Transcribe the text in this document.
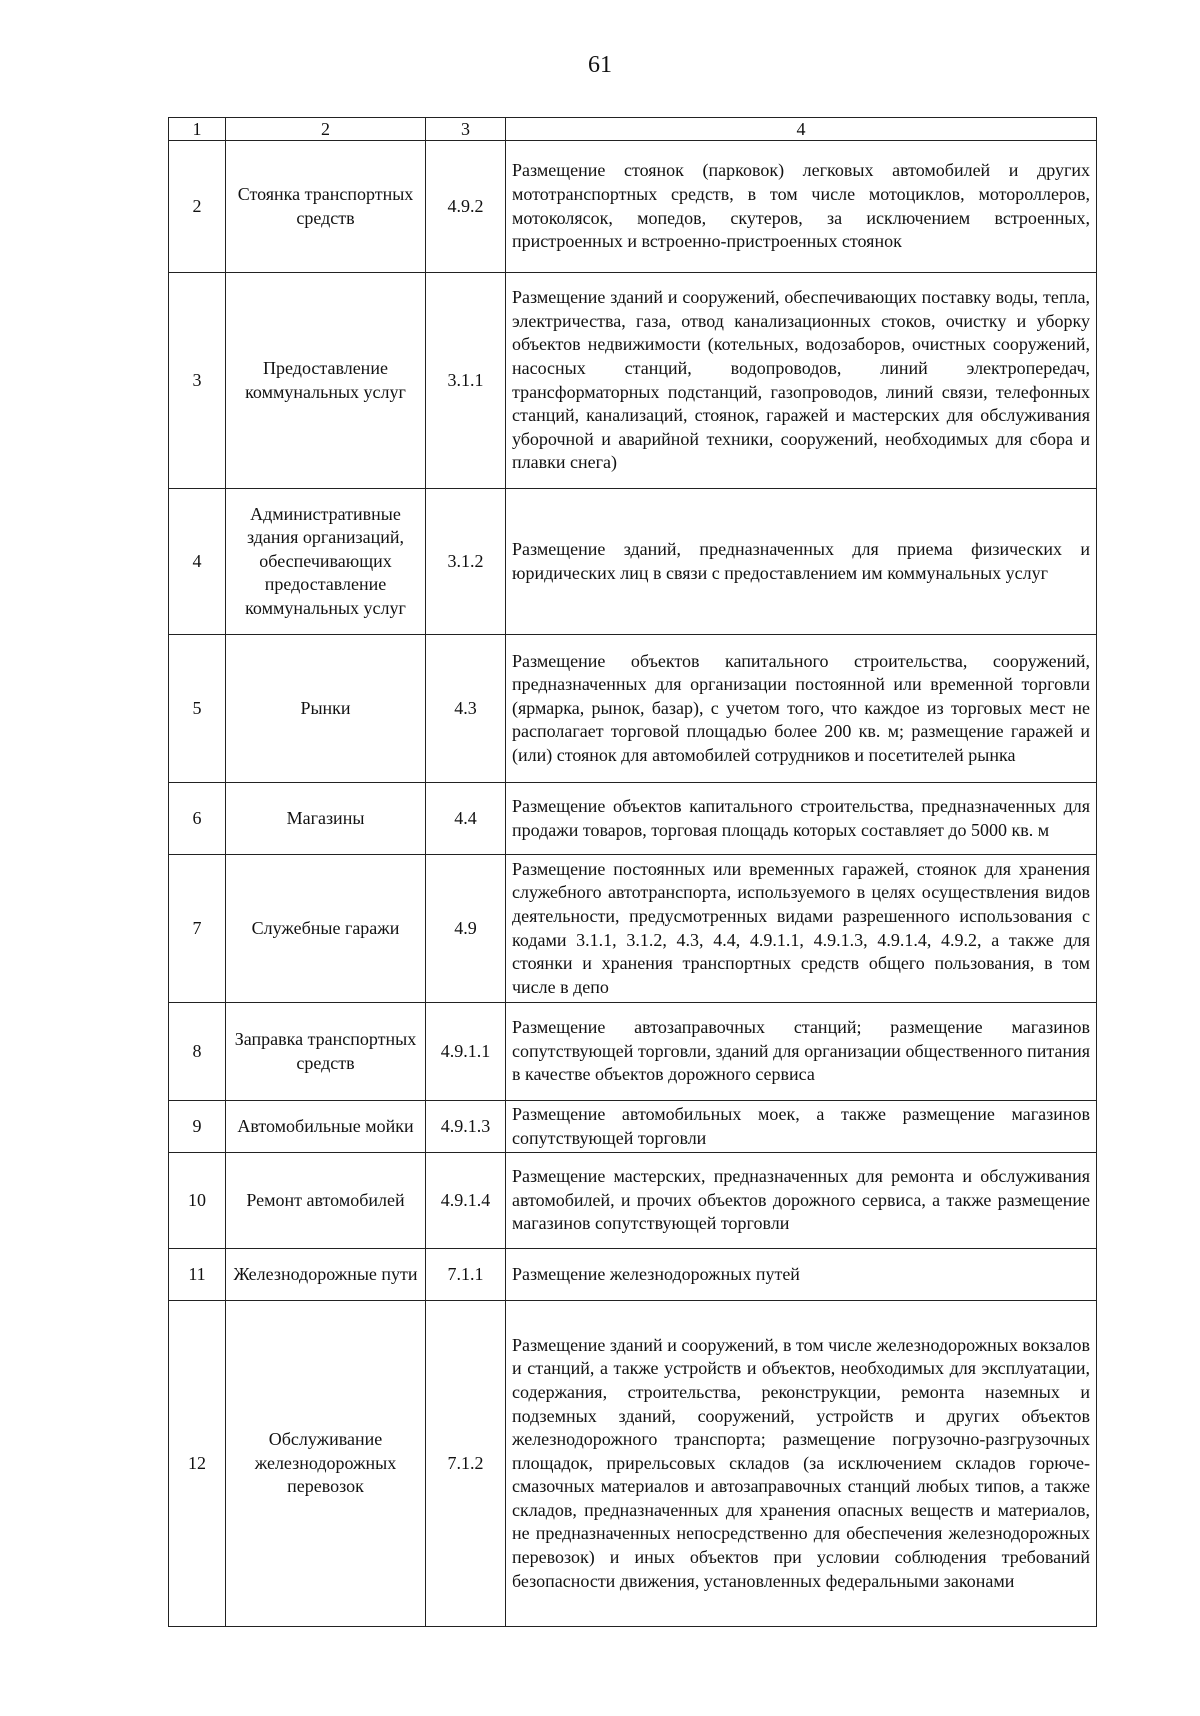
61
1	2	3	4
2	Стоянка транспортных средств	4.9.2	Размещение стоянок (парковок) легковых автомобилей и других мототранспортных средств, в том числе мотоциклов, мотороллеров, мотоколясок, мопедов, скутеров, за исключением встроенных, пристроенных и встроенно-пристроенных стоянок
3	Предоставление коммунальных услуг	3.1.1	Размещение зданий и сооружений, обеспечивающих поставку воды, тепла, электричества, газа, отвод канализационных стоков, очистку и уборку объектов недвижимости (котельных, водозаборов, очистных сооружений, насосных станций, водопроводов, линий электропередач, трансформаторных подстанций, газопроводов, линий связи, телефонных станций, канализаций, стоянок, гаражей и мастерских для обслуживания уборочной и аварийной техники, сооружений, необходимых для сбора и плавки снега)
4	Административные здания организаций, обеспечивающих предоставление коммунальных услуг	3.1.2	Размещение зданий, предназначенных для приема физических и юридических лиц в связи с предоставлением им коммунальных услуг
5	Рынки	4.3	Размещение объектов капитального строительства, сооружений, предназначенных для организации постоянной или временной торговли (ярмарка, рынок, базар), с учетом того, что каждое из торговых мест не располагает торговой площадью более 200 кв. м; размещение гаражей и (или) стоянок для автомобилей сотрудников и посетителей рынка
6	Магазины	4.4	Размещение объектов капитального строительства, предназначенных для продажи товаров, торговая площадь которых составляет до 5000 кв. м
7	Служебные гаражи	4.9	Размещение постоянных или временных гаражей, стоянок для хранения служебного автотранспорта, используемого в целях осуществления видов деятельности, предусмотренных видами разрешенного использования с кодами 3.1.1, 3.1.2, 4.3, 4.4, 4.9.1.1, 4.9.1.3, 4.9.1.4, 4.9.2, а также для стоянки и хранения транспортных средств общего пользования, в том числе в депо
8	Заправка транспортных средств	4.9.1.1	Размещение автозаправочных станций; размещение магазинов сопутствующей торговли, зданий для организации общественного питания в качестве объектов дорожного сервиса
9	Автомобильные мойки	4.9.1.3	Размещение автомобильных моек, а также размещение магазинов сопутствующей торговли
10	Ремонт автомобилей	4.9.1.4	Размещение мастерских, предназначенных для ремонта и обслуживания автомобилей, и прочих объектов дорожного сервиса, а также размещение магазинов сопутствующей торговли
11	Железнодорожные пути	7.1.1	Размещение железнодорожных путей
12	Обслуживание железнодорожных перевозок	7.1.2	Размещение зданий и сооружений, в том числе железнодорожных вокзалов и станций, а также устройств и объектов, необходимых для эксплуатации, содержания, строительства, реконструкции, ремонта наземных и подземных зданий, сооружений, устройств и других объектов железнодорожного транспорта; размещение погрузочно-разгрузочных площадок, прирельсовых складов (за исключением складов горюче-смазочных материалов и автозаправочных станций любых типов, а также складов, предназначенных для хранения опасных веществ и материалов, не предназначенных непосредственно для обеспечения железнодорожных перевозок) и иных объектов при условии соблюдения требований безопасности движения, установленных федеральными законами
